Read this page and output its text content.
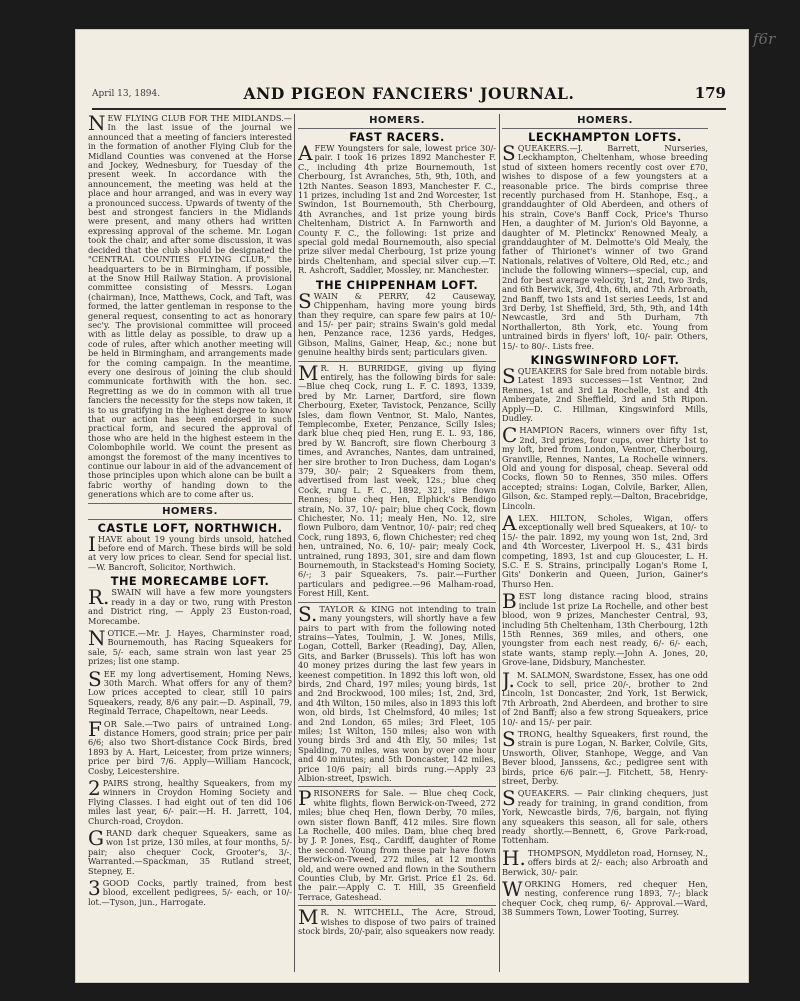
April 13, 1894.	AND PIGEON FANCIERS' JOURNAL.	179

NEW FLYING CLUB FOR THE MIDLANDS.—In the last issue of the journal we announced that a meeting of fanciers interested in the formation of another Flying Club for the Midland Counties was convened at the Horse and Jockey, Wednesbury, for Tuesday of the present week. In accordance with the announcement, the meeting was held at the place and hour arranged, and was in every way a pronounced success. Upwards of twenty of the best and strongest fanciers in the Midlands were present, and many others had written expressing approval of the scheme. Mr. Logan took the chair, and after some discussion, it was decided that the club should be designated the "CENTRAL COUNTIES FLYING CLUB," the headquarters to be in Birmingham, if possible, at the Snow Hill Railway Station. A provisional committee consisting of Messrs. Logan (chairman), Ince, Matthews, Cock, and Taft, was formed, the latter gentleman in response to the general request, consenting to act as honorary sec'y. The provisional committee will proceed with as little delay as possible, to draw up a code of rules, after which another meeting will be held in Birmingham, and arrangements made for the coming campaign. In the meantime, every one desirous of joining the club should communicate forthwith with the hon. sec. Regretting as we do in common with all true fanciers the necessity for the steps now taken, it is to us gratifying in the highest degree to know that our action has been endorsed in such practical form, and secured the approval of those who are held in the highest esteem in the Colombophile world. We count the present as amongst the foremost of the many incentives to continue our labour in aid of the advancement of those principles upon which alone can be built a fabric worthy of handing down to the generations which are to come after us.

HOMERS.
CASTLE LOFT, NORTHWICH.

IHAVE about 19 young birds unsold, hatched before end of March. These birds will be sold at very low prices to clear. Send for special list.—W. Bancroft, Solicitor, Northwich.

THE MORECAMBE LOFT.

R.SWAIN will have a few more youngsters ready in a day or two, rung with Preston and District ring, — Apply 23 Euston-road, Morecambe.

NOTICE.—Mr. J. Hayes, Charminster road, Bournemouth, has Racing Squeakers for sale, 5/- each, same strain won last year 25 prizes; list one stamp.

SEE my long advertisement, Homing News, 30th March. What offers for any of them? Low prices accepted to clear, still 10 pairs Squeakers, ready, 8/6 any pair.—D. Aspinall, 79, Reginald Terrace, Chapeltown, near Leeds.

FOR Sale.—Two pairs of untrained Long-distance Homers, good strain; price per pair 6/6; also two Short-distance Cock Birds, bred 1893 by A. Hart, Leicester, from prize winners; price per bird 7/6. Apply—William Hancock, Cosby, Leicestershire.

2PAIRS strong, healthy Squeakers, from my winners in Croydon Homing Society and Flying Classes. I had eight out of ten did 106 miles last year, 6/- pair.—H. H. Jarrett, 104, Church-road, Croydon.

GRAND dark chequer Squeakers, same as won 1st prize, 130 miles, at four months, 5/- pair; also chequer Cock, Grooter's, 3/-. Warranted.—Spackman, 35 Rutland street, Stepney, E.

3GOOD Cocks, partly trained, from best blood, excellent pedigrees, 5/- each, or 10/- lot.—Tyson, jun., Harrogate.

HOMERS.
FAST RACERS.

AFEW Youngsters for sale, lowest price 30/- pair. I took 16 prizes 1892 Manchester F. C., including 4th prize Bournemouth, 1st Cherbourg, 1st Avranches, 5th, 9th, 10th, and 12th Nantes. Season 1893, Manchester F. C., 11 prizes, including 1st and 2nd Worcester, 1st Swindon, 1st Bournemouth, 5th Cherbourg, 4th Avranches, and 1st prize young birds Cheltenham, District A. In Farnworth and County F. C., the following: 1st prize and special gold medal Bournemouth, also special prize silver medal Cherbourg, 1st prize young birds Cheltenham, and special silver cup.—T. R. Ashcroft, Saddler, Mossley, nr. Manchester.

THE CHIPPENHAM LOFT.

SWAIN & PERRY, 42 Causeway, Chippenham, having more young birds than they require, can spare few pairs at 10/- and 15/- per pair; strains Swain's gold medal hen, Penzance race, 1236 yards, Hedges, Gibson, Malins, Gainer, Heap, &c.; none but genuine healthy birds sent; particulars given.

MR. H. BURRIDGE, giving up flying entirely, has the following birds for sale:—Blue cheq Cock, rung L. F. C. 1893, 1339, bred by Mr. Larner, Dartford, sire flown Cherbourg, Exeter, Tavistock, Penzance, Scilly Isles, dam flown Ventnor, St. Malo, Nantes, Templecombe, Exeter, Penzance, Scilly Isles; dark blue cheq pied Hen, rung E. L. 93, 186, bred by W. Bancroft, sire flown Cherbourg 3 times, and Avranches, Nantes, dam untrained, her sire brother to Iron Duchess, dam Logan's 379, 30/- pair; 2 Squeakers from them, advertised from last week, 12s.; blue cheq Cock, rung L. F. C., 1892, 321, sire flown Rennes; blue cheq Hen, Elphick's Bendigo strain, No. 37, 10/- pair; blue cheq Cock, flown Chichester, No. 11; mealy Hen, No. 12, sire flown Pulboro, dam Ventnor, 10/- pair; red cheq Cock, rung 1893, 6, flown Chichester; red cheq hen, untrained, No. 6, 10/- pair; mealy Cock, untrained, rung 1893, 301, sire and dam flown Bournemouth, in Stackstead's Homing Society, 6/-; 3 pair Squeakers, 7s. pair.—Further particulars and pedigree.—96 Malham-road, Forest Hill, Kent.

S.TAYLOR & KING not intending to train many youngsters, will shortly have a few pairs to part with from the following noted strains—Yates, Toulmin, J. W. Jones, Mills, Logan, Cottell, Barker (Reading), Day, Allen, Gits, and Barker (Brussels). This loft has won 40 money prizes during the last few years in keenest competition. In 1892 this loft won, old birds, 2nd Chard, 197 miles; young birds, 1st and 2nd Brockwood, 100 miles; 1st, 2nd, 3rd, and 4th Wilton, 150 miles, also in 1893 this loft won, old birds, 1st Chelmsford, 40 miles; 1st and 2nd London, 65 miles; 3rd Fleet, 105 miles; 1st Wilton, 150 miles; also won with young birds 3rd and 4th Ely, 50 miles; 1st Spalding, 70 miles, was won by over one hour and 40 minutes; and 5th Doncaster, 142 miles, price 10/6 pair; all birds rung.—Apply 23 Albion-street, Ipswich.

PRISONERS for Sale. — Blue cheq Cock, white flights, flown Berwick-on-Tweed, 272 miles; blue cheq Hen, flown Derby, 70 miles, own sister flown Banff, 412 miles. Sire flown La Rochelle, 400 miles. Dam, blue cheq bred by J. P. Jones, Esq., Cardiff, daughter of Rome the second. Young from these pair have flown Berwick-on-Tweed, 272 miles, at 12 months old, and were owned and flown in the Southern Counties Club, by Mr. Grist. Price £1 2s. 6d. the pair.—Apply C. T. Hill, 35 Greenfield Terrace, Gateshead.

MR. N. WITCHELL, The Acre, Stroud, wishes to dispose of two pairs of trained stock birds, 20/-pair, also squeakers now ready.

HOMERS.
LECKHAMPTON LOFTS.

SQUEAKERS.—J. Barrett, Nurseries, Leckhampton, Cheltenham, whose breeding stud of sixteen homers recently cost over £70, wishes to dispose of a few youngsters at a reasonable price. The birds comprise three recently purchased from H. Stanhope, Esq., a granddaughter of Old Aberdeen, and others of his strain, Cove's Banff Cock, Price's Thurso Hen, a daughter of M. Jurion's Old Bayonne, a daughter of M. Pletinckx' Renowned Mealy, a granddaughter of M. Delmotte's Old Mealy, the father of Thirionet's winner of two Grand Nationals, relatives of Voltere, Old Red, etc.; and include the following winners—special, cup, and 2nd for best average velocity, 1st, 2nd, two 3rds, and 6th Berwick, 3rd, 4th, 6th, and 7th Arbroath, 2nd Banff, two 1sts and 1st series Leeds, 1st and 3rd Derby, 1st Sheffield, 3rd, 5th, 9th, and 14th Newcastle, 3rd and 5th Durham, 7th Northallerton, 8th York, etc. Young from untrained birds in flyers' loft, 10/- pair. Others, 15/- to 80/-. Lists free.

KINGSWINFORD LOFT.

SQUEAKERS for Sale bred from notable birds. Latest 1893 successes—1st Ventnor, 2nd Rennes, 1st and 3rd La Rochelle, 1st and 4th Ambergate, 2nd Sheffield, 3rd and 5th Ripon. Apply—D. C. Hillman, Kingswinford Mills, Dudley.

CHAMPION Racers, winners over fifty 1st, 2nd, 3rd prizes, four cups, over thirty 1st to my loft, bred from London, Ventnor, Cherbourg, Granville, Rennes, Nantes, La Rochelle winners. Old and young for disposal, cheap. Several odd Cocks, flown 50 to Rennes, 350 miles. Offers accepted; strains: Logan, Colvile, Barker, Allen, Gilson, &c. Stamped reply.—Dalton, Bracebridge, Lincoln.

ALEX. HILTON, Scholes, Wigan, offers exceptionally well bred Squeakers, at 10/- to 15/- the pair. 1892, my young won 1st, 2nd, 3rd and 4th Worcester, Liverpool H. S., 431 birds competing, 1893, 1st and cup Gloucester, L. H. S.C. E S. Strains, principally Logan's Rome I, Gits' Donkerin and Queen, Jurion, Gainer's Thurso Hen.

BEST long distance racing blood, strains include 1st prize La Rochelle, and other best blood, won 9 prizes, Manchester Central, 93, including 5th Cheltenham, 13th Cherbourg, 12th 15th Rennes, 369 miles, and others, one youngster from each nest ready, 6/- 6/- each, state wants, stamp reply.—John A. Jones, 20, Grove-lane, Didsbury, Manchester.

J.M. SALMON, Swardstone, Essex, has one odd Cock to sell, price 20/-, brother to 2nd Lincoln, 1st Doncaster, 2nd York, 1st Berwick, 7th Arbroath, 2nd Aberdeen, and brother to sire of 2nd Banff; also a few strong Squeakers, price 10/- and 15/- per pair.

STRONG, healthy Squeakers, first round, the strain is pure Logan, N. Barker, Colvile, Gits, Unsworth, Oliver, Stanhope, Wegge, and Van Bever blood, Janssens, &c.; pedigree sent with birds, price 6/6 pair.—J. Fitchett, 58, Henry-street, Derby.

SQUEAKERS. — Pair clinking chequers, just ready for training, in grand condition, from York, Newcastle birds, 7/6, bargain, not flying any squeakers this season, all for sale, others ready shortly.—Bennett, 6, Grove Park-road, Tottenham.

H.THOMPSON, Myddleton road, Hornsey, N., offers birds at 2/- each; also Arbroath and Berwick, 30/- pair.

WORKING Homers, red chequer Hen, nesting, conference rung 1893, 7/-; black chequer Cock, cheq rump, 6/- Approval.—Ward, 38 Summers Town, Lower Tooting, Surrey.

f6r
